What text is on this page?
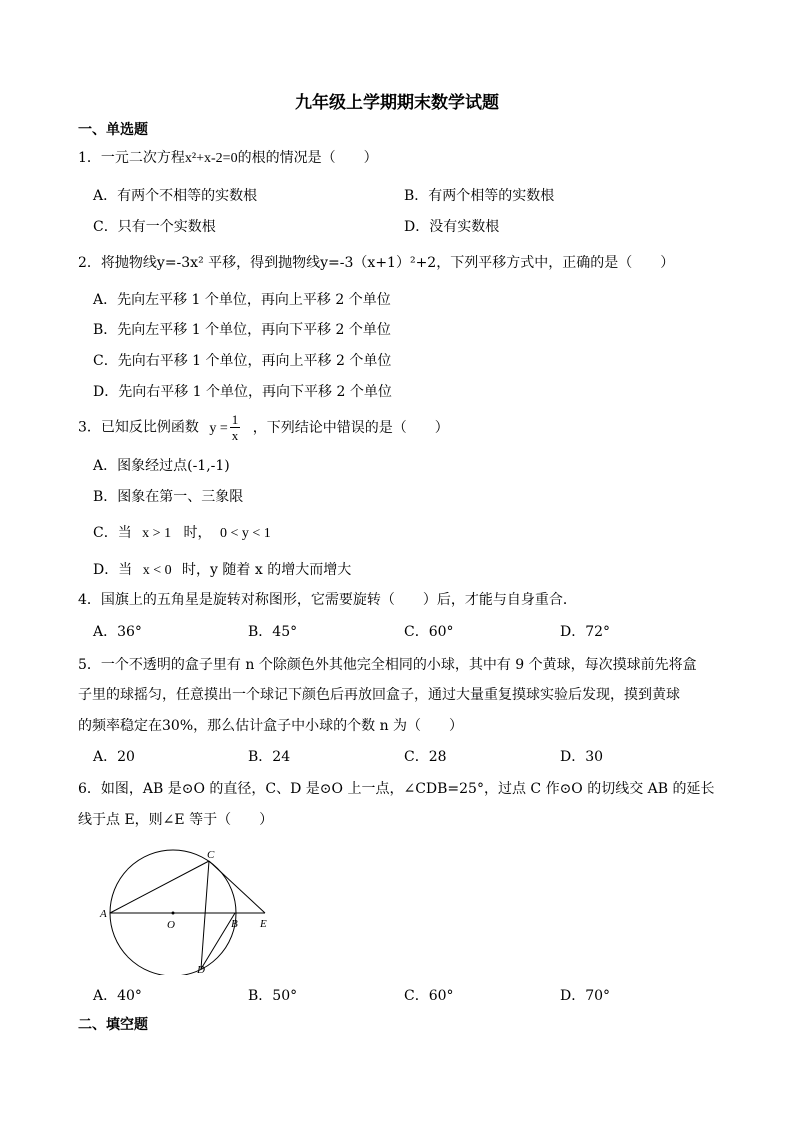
九年级上学期期末数学试题
一、单选题
1．一元二次方程x²+x-2=0的根的情况是（　　）
A．有两个不相等的实数根	B．有两个相等的实数根
C．只有一个实数根	D．没有实数根
2．将抛物线y=-3x² 平移，得到抛物线y=-3（x+1）²+2，下列平移方式中，正确的是（　　）
A．先向左平移 1 个单位，再向上平移 2 个单位
B．先向左平移 1 个单位，再向下平移 2 个单位
C．先向右平移 1 个单位，再向上平移 2 个单位
D．先向右平移 1 个单位，再向下平移 2 个单位
3．已知反比例函数 $y = \frac{1}{x}$ ，下列结论中错误的是（　　）
A．图象经过点(-1,-1)
B．图象在第一、三象限
C．当 x > 1 时， 0 < y < 1
D．当 x < 0 时，y 随着 x 的增大而增大
4．国旗上的五角星是旋转对称图形，它需要旋转（　　）后，才能与自身重合．
A．36°	B．45°	C．60°	D．72°
5．一个不透明的盒子里有 n 个除颜色外其他完全相同的小球，其中有 9 个黄球，每次摸球前先将盒
子里的球摇匀，任意摸出一个球记下颜色后再放回盒子，通过大量重复摸球实验后发现，摸到黄球
的频率稳定在30%，那么估计盒子中小球的个数 n 为（　　）
A．20	B．24	C．28	D．30
6．如图，AB 是⊙O 的直径，C、D 是⊙O 上一点，∠CDB=25°，过点 C 作⊙O 的切线交 AB 的延长
线于点 E，则∠E 等于（　　）
A
O	B E
C
D
A．40°	B．50°	C．60°	D．70°
二、填空题
